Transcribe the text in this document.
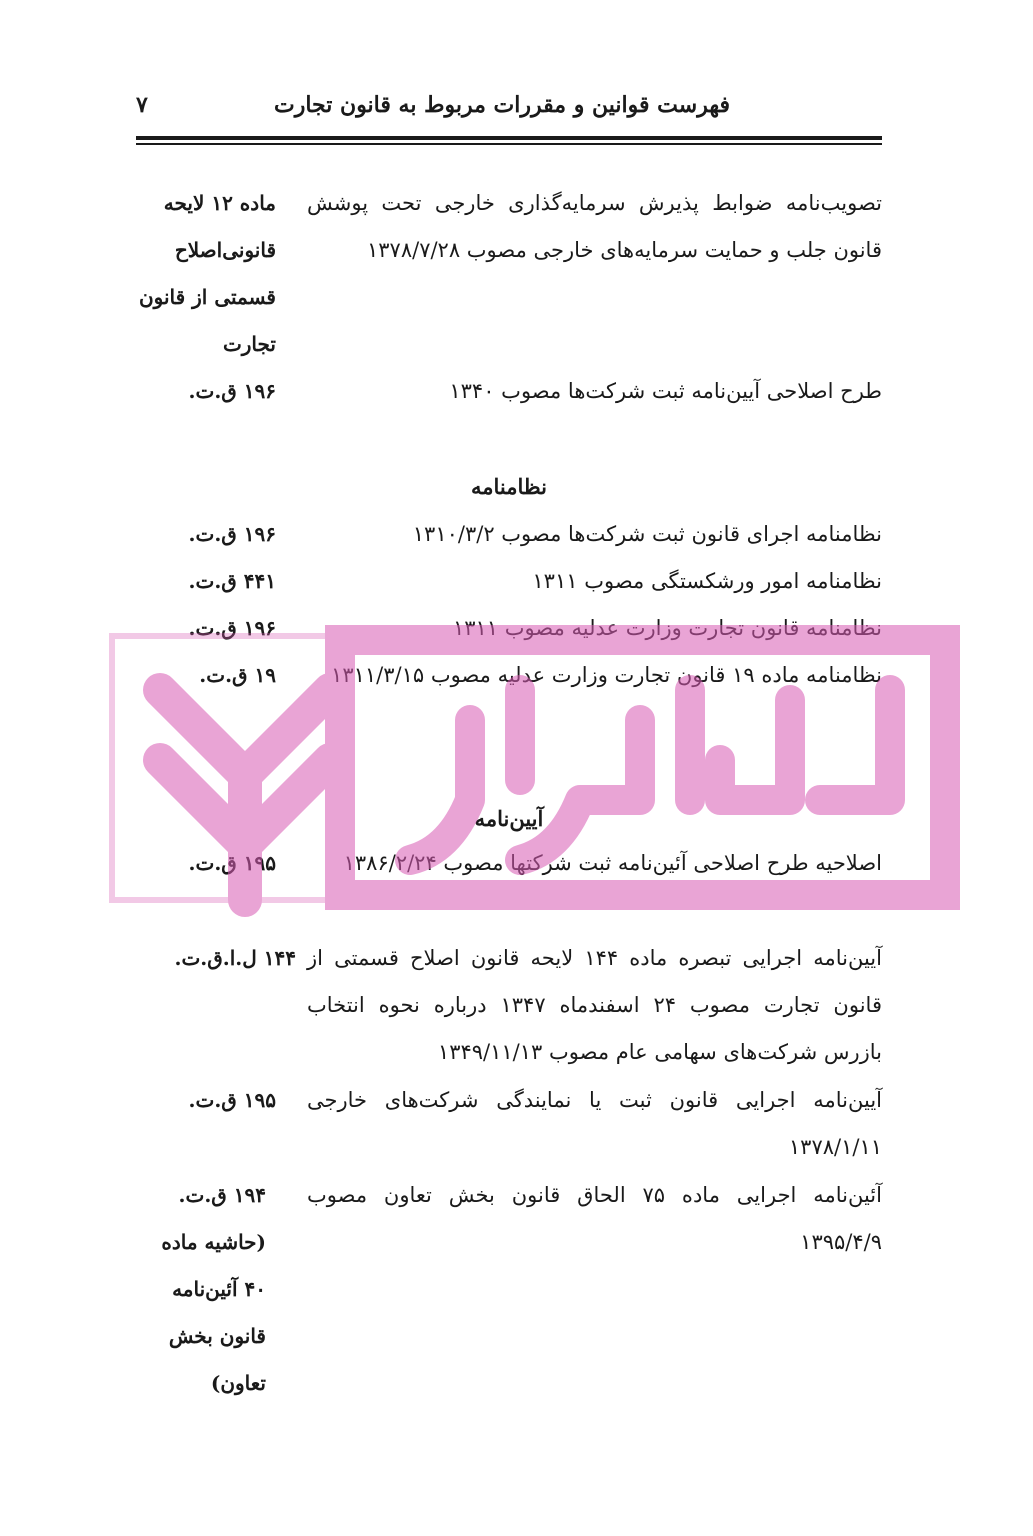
فهرست قوانین و مقررات مربوط به قانون تجارت
۷
تصویب‌نامه ضوابط پذیرش سرمایه‌گذاری خارجی تحت پوشش قانون جلب و حمایت سرمایه‌های خارجی مصوب ۱۳۷۸/۷/۲۸
ماده ۱۲ لایحه قانونی‌اصلاح قسمتی از قانون تجارت
طرح اصلاحی آیین‌نامه ثبت شرکت‌ها مصوب ۱۳۴۰
۱۹۶ ق.ت.
نظامنامه
نظامنامه اجرای قانون ثبت شرکت‌ها مصوب ۱۳۱۰/۳/۲
۱۹۶ ق.ت.
نظامنامه امور ورشکستگی مصوب ۱۳۱۱
۴۴۱ ق.ت.
نظامنامه قانون تجارت وزارت عدلیه مصوب ۱۳۱۱
۱۹۶ ق.ت.
نظامنامه ماده ۱۹ قانون تجارت وزارت عدلیه مصوب ۱۳۱۱/۳/۱۵
۱۹ ق.ت.
آیین‌نامه
اصلاحیه طرح اصلاحی آئین‌نامه ثبت شرکتها مصوب ۱۳۸۶/۲/۲۴
۱۹۵ ق.ت.
آیین‌نامه اجرایی تبصره ماده ۱۴۴ لایحه قانون اصلاح قسمتی از قانون تجارت مصوب ۲۴ اسفندماه ۱۳۴۷ درباره نحوه انتخاب بازرس شرکت‌های سهامی عام مصوب ۱۳۴۹/۱۱/۱۳
۱۴۴ ل.ا.ق.ت.
آیین‌نامه اجرایی قانون ثبت یا نمایندگی شرکت‌های خارجی ۱۳۷۸/۱/۱۱
۱۹۵ ق.ت.
آئین‌نامه اجرایی ماده ۷۵ الحاق قانون بخش تعاون مصوب ۱۳۹۵/۴/۹
۱۹۴ ق.ت. (حاشیه ماده ۴۰ آئین‌نامه قانون بخش تعاون)
